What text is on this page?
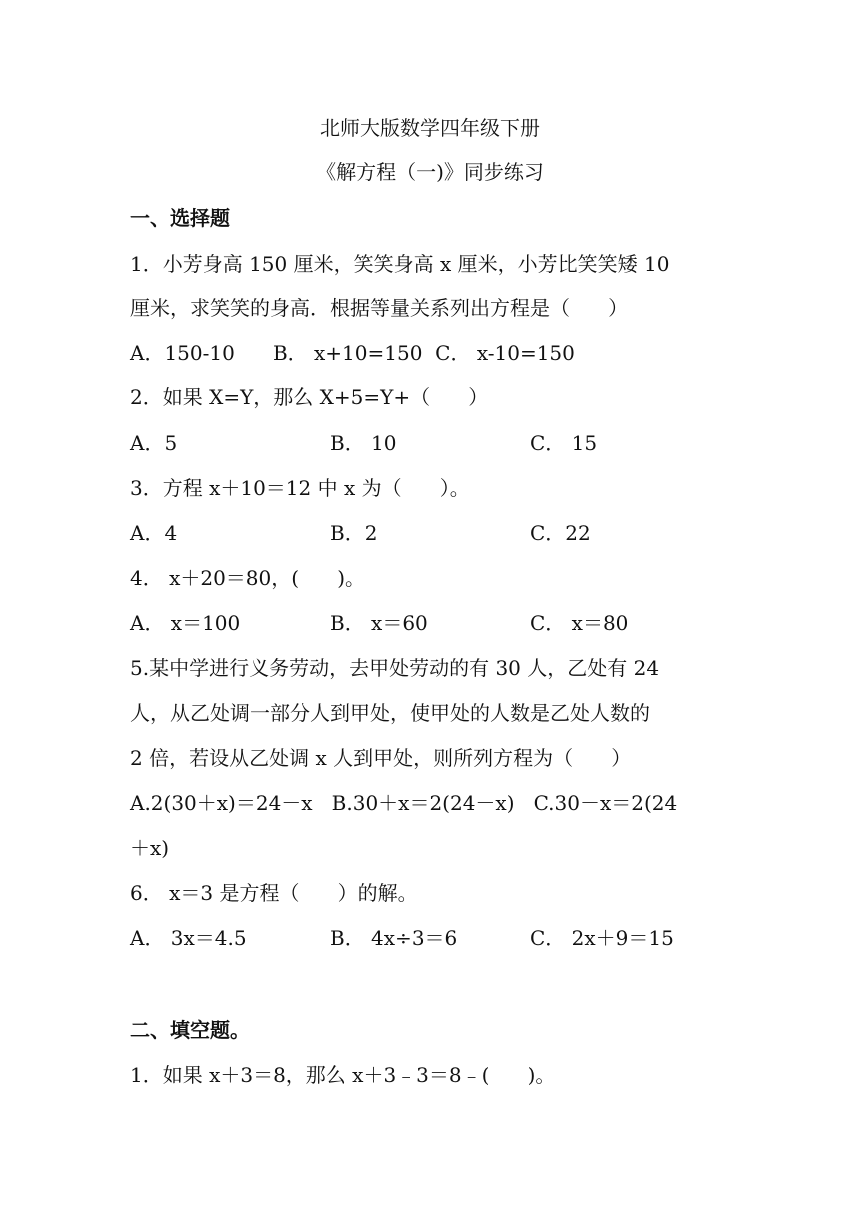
北师大版数学四年级下册
《解方程（一)》同步练习
一、选择题
1．小芳身高 150 厘米，笑笑身高 x 厘米，小芳比笑笑矮 10
厘米，求笑笑的身高．根据等量关系列出方程是（      ）
A．150-10      B． x+10=150  C． x-10=150
2．如果 X=Y，那么 X+5=Y+（      ）
A．5	B． 10	C． 15
3．方程 x＋10＝12 中 x 为（      ）。
A．4	B．2	C．22
4． x＋20＝80，(      )。
A． x＝100	B． x＝60	C． x＝80
5.某中学进行义务劳动，去甲处劳动的有 30 人，乙处有 24
人，从乙处调一部分人到甲处，使甲处的人数是乙处人数的
2 倍，若设从乙处调 x 人到甲处，则所列方程为（      ）
A.2(30＋x)＝24－x   B.30＋x＝2(24－x)   C.30－x＝2(24
＋x)
6． x＝3 是方程（      ）的解。
A． 3x＝4.5	B． 4x÷3＝6	C． 2x＋9＝15
二、填空题。
1．如果 x＋3＝8，那么 x＋3﹣3＝8﹣(      )。
